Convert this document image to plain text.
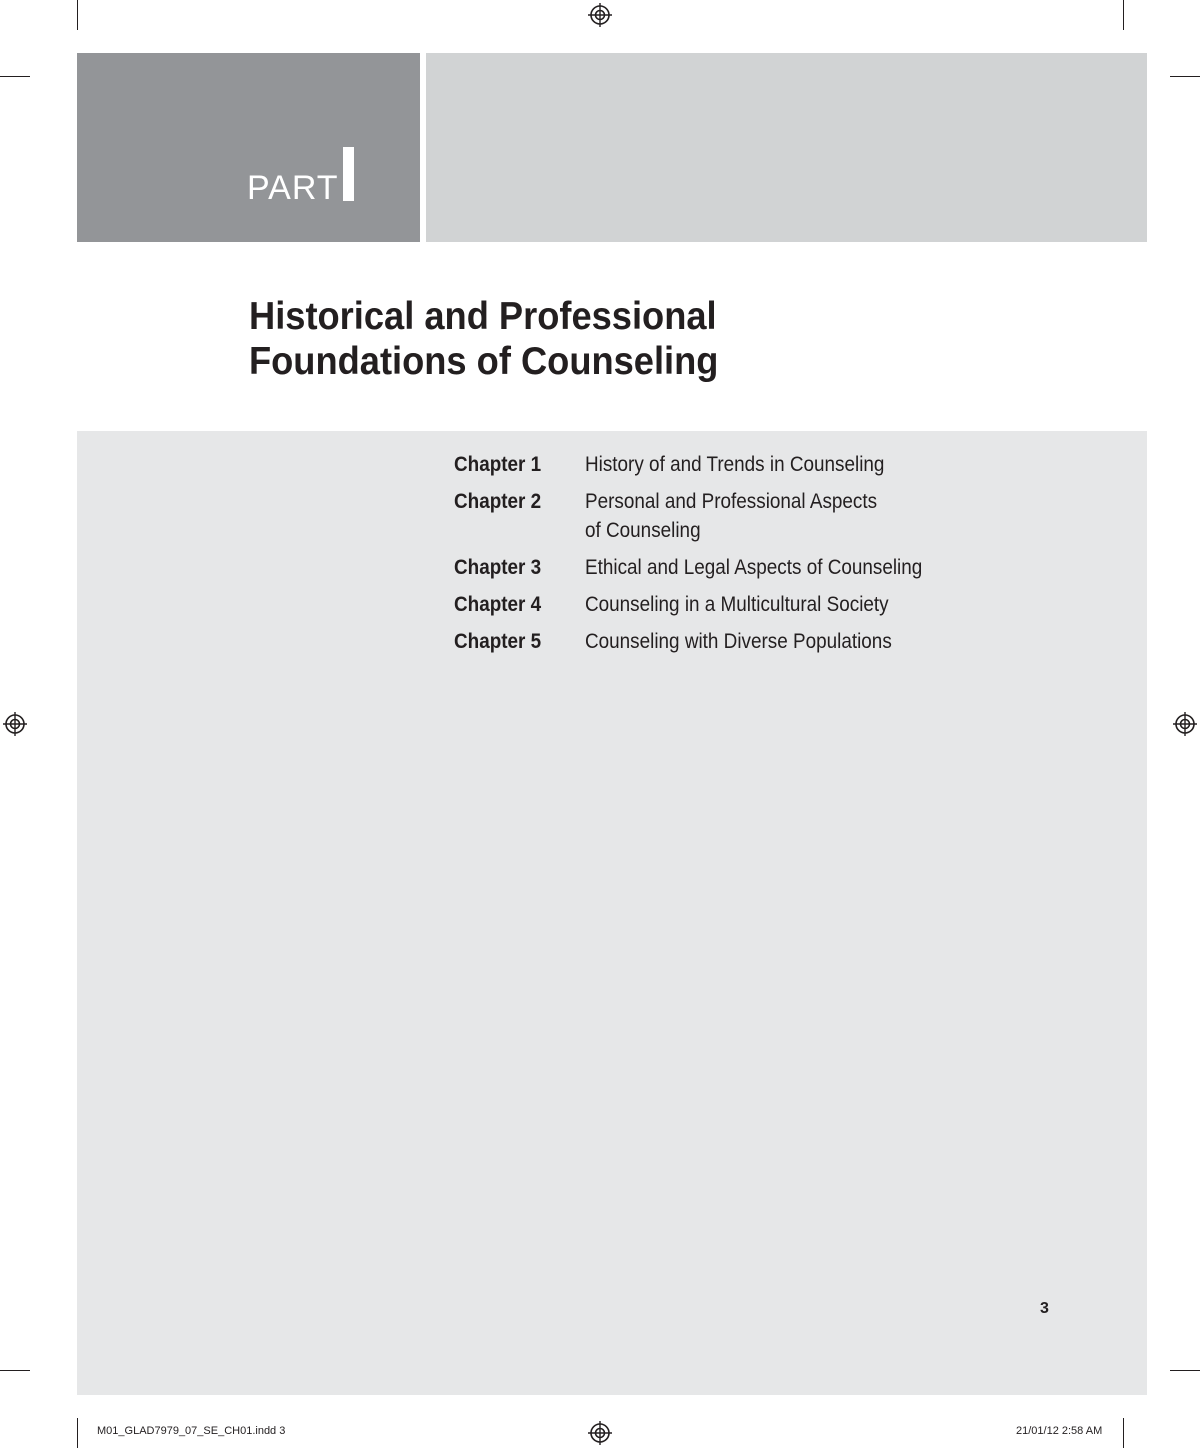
PART
Historical and Professional
Foundations of Counseling
Chapter 1	History of and Trends in Counseling
Chapter 2	Personal and Professional Aspects
of Counseling
Chapter 3	Ethical and Legal Aspects of Counseling
Chapter 4	Counseling in a Multicultural Society
Chapter 5	Counseling with Diverse Populations
3
M01_GLAD7979_07_SE_CH01.indd 3	21/01/12 2:58 AM
